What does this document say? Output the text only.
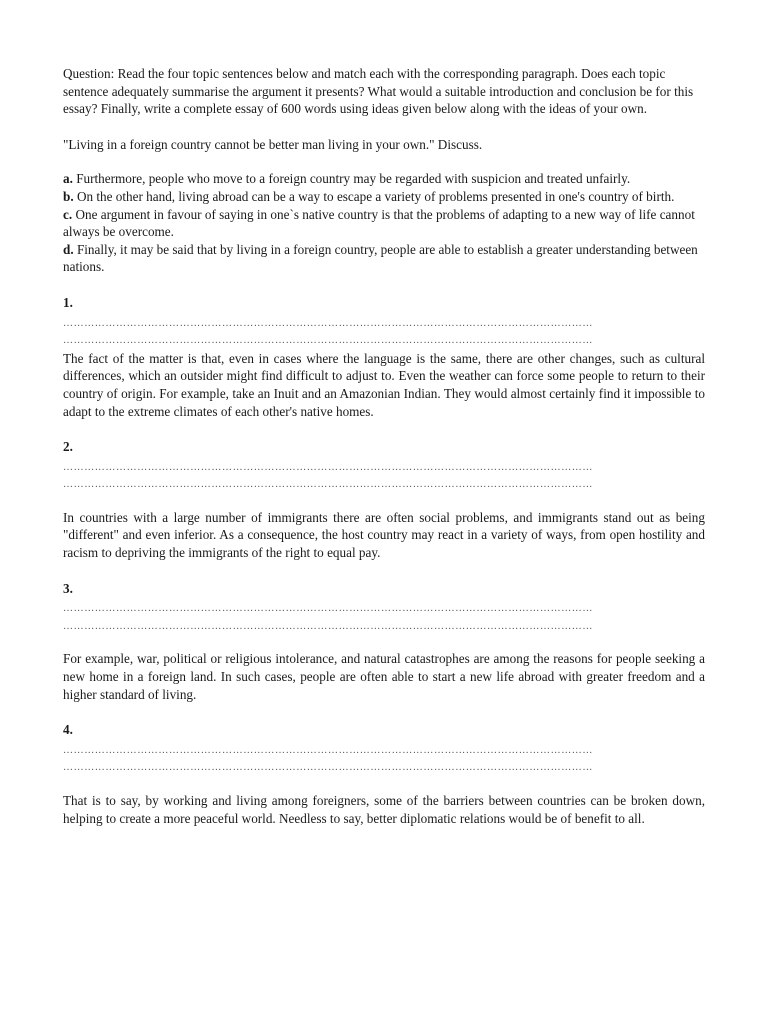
Question: Read the four topic sentences below and match each with the corresponding paragraph. Does each topic sentence adequately summarise the argument it presents? What would a suitable introduction and conclusion be for this essay? Finally, write a complete essay of 600 words using ideas given below along with the ideas of your own.

"Living in a foreign country cannot be better man living in your own." Discuss.

a. Furthermore, people who move to a foreign country may be regarded with suspicion and treated unfairly.

b. On the other hand, living abroad can be a way to escape a variety of problems presented in one's country of birth.

c. One argument in favour of saying in one`s native country is that the problems of adapting to a new way of life cannot always be overcome.

d. Finally, it may be said that by living in a foreign country, people are able to establish a greater understanding between nations.

1.

……………………………………………………………………………………………………………………………………
……………………………………………………………………………………………………………………………………

The fact of the matter is that, even in cases where the language is the same, there are other changes, such as cultural differences, which an outsider might find difficult to adjust to. Even the weather can force some people to return to their country of origin. For example, take an Inuit and an Amazonian Indian. They would almost certainly find it impossible to adapt to the extreme climates of each other's native homes.

2.

……………………………………………………………………………………………………………………………………
……………………………………………………………………………………………………………………………………

In countries with a large number of immigrants there are often social problems, and immigrants stand out as being "different" and even inferior. As a consequence, the host country may react in a variety of ways, from open hostility and racism to depriving the immigrants of the right to equal pay.

3.

……………………………………………………………………………………………………………………………………
……………………………………………………………………………………………………………………………………

For example, war, political or religious intolerance, and natural catastrophes are among the reasons for people seeking a new home in a foreign land. In such cases, people are often able to start a new life abroad with greater freedom and a higher standard of living.

4.

……………………………………………………………………………………………………………………………………
……………………………………………………………………………………………………………………………………

That is to say, by working and living among foreigners, some of the barriers between countries can be broken down, helping to create a more peaceful world. Needless to say, better diplomatic relations would be of benefit to all.
